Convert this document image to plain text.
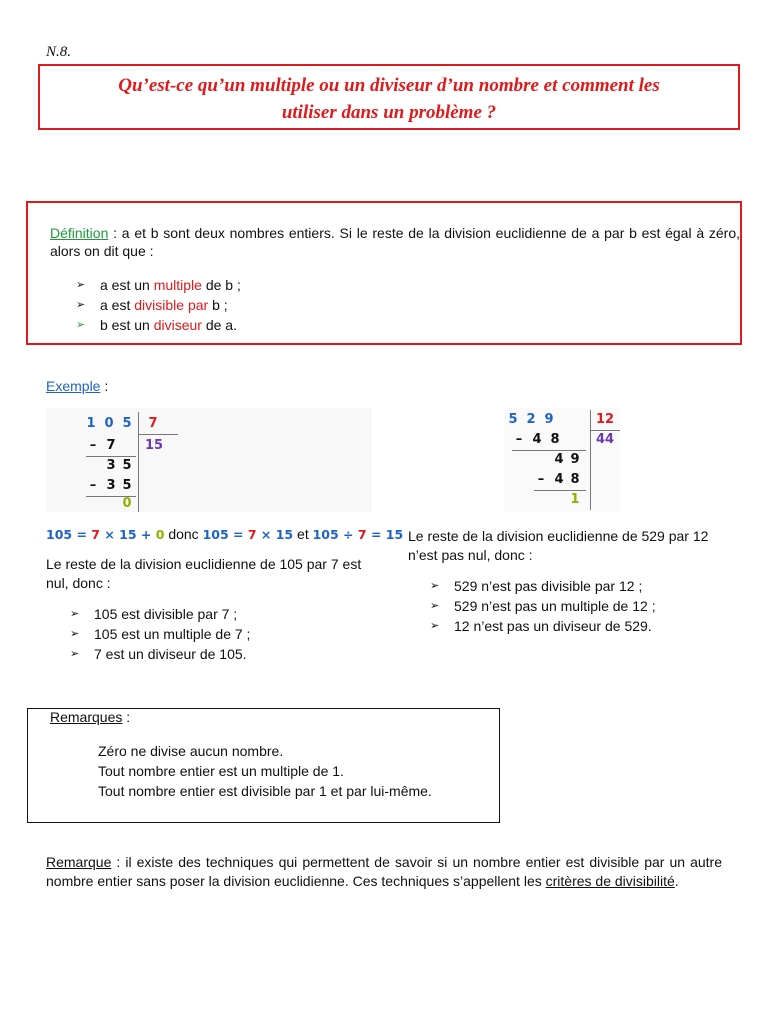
N.8.
Qu’est-ce qu’un multiple ou un diviseur d’un nombre et comment les
utiliser dans un problème ?
Définition : a et b sont deux nombres entiers. Si le reste de la division euclidienne de a par b est égal à zéro, alors on dit que :
➢ a est un multiple de b ;
➢ a est divisible par b ;
➢ b est un diviseur de a.
Exemple :
1 0 5	7
15
– 7
3 5
– 3 5
0
5 2 9	12
44
– 4 8
4 9
– 4 8
1
105 = 7 × 15 + 0 donc 105 = 7 × 15 et 105 ÷ 7 = 15
Le reste de la division euclidienne de 105 par 7 est nul, donc :
➢ 105 est divisible par 7 ;
➢ 105 est un multiple de 7 ;
➢ 7 est un diviseur de 105.
Le reste de la division euclidienne de 529 par 12 n’est pas nul, donc :
➢ 529 n’est pas divisible par 12 ;
➢ 529 n’est pas un multiple de 12 ;
➢ 12 n’est pas un diviseur de 529.
Remarques :
Zéro ne divise aucun nombre.
Tout nombre entier est un multiple de 1.
Tout nombre entier est divisible par 1 et par lui-même.
Remarque : il existe des techniques qui permettent de savoir si un nombre entier est divisible par un autre nombre entier sans poser la division euclidienne. Ces techniques s’appellent les critères de divisibilité.
